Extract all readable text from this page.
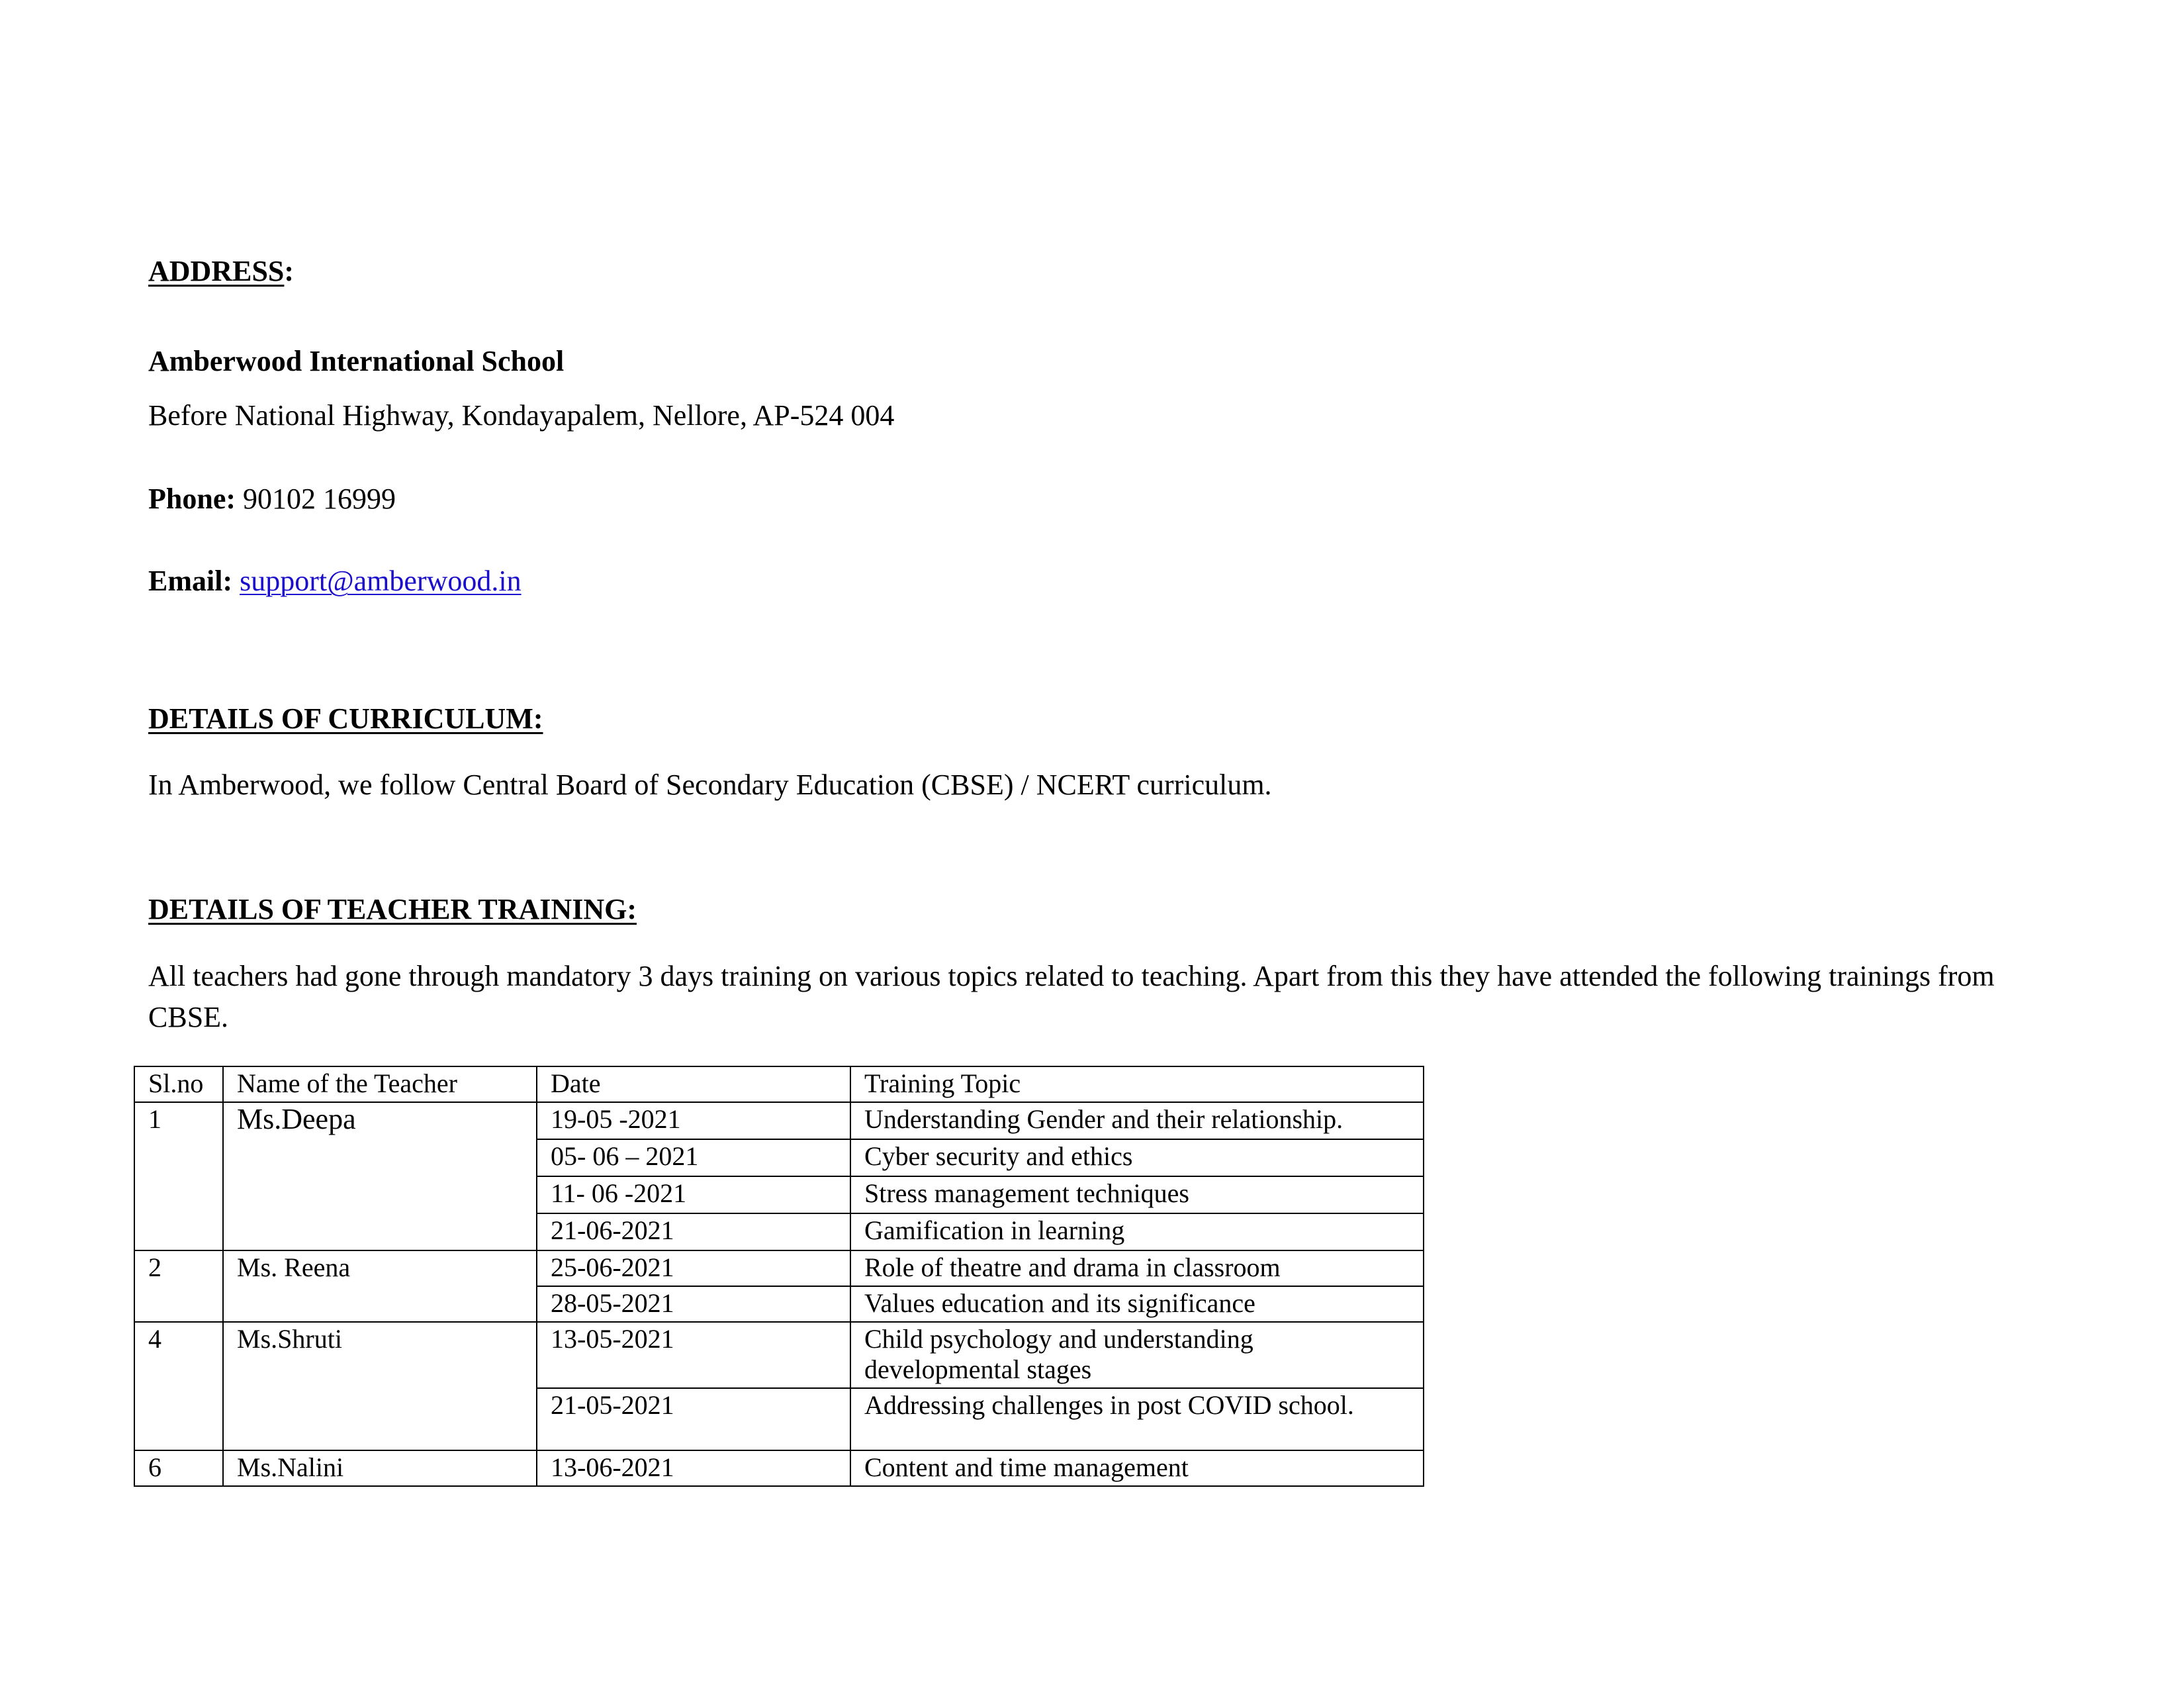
ADDRESS:
Amberwood International School
Before National Highway, Kondayapalem, Nellore, AP-524 004
Phone: 90102 16999
Email: support@amberwood.in
DETAILS OF CURRICULUM:
In Amberwood, we follow Central Board of Secondary Education (CBSE) / NCERT curriculum.
DETAILS OF TEACHER TRAINING:
All teachers had gone through mandatory 3 days training on various topics related to teaching. Apart from this they have attended the following trainings from CBSE.
Sl.no	Name of the Teacher	Date	Training Topic
1	Ms.Deepa	19-05 -2021	Understanding Gender and their relationship.
		05- 06 – 2021	Cyber security and ethics
		11- 06 -2021	Stress management techniques
		21-06-2021	Gamification in learning
2	Ms. Reena	25-06-2021	Role of theatre and drama in classroom
		28-05-2021	Values education and its significance
4	Ms.Shruti	13-05-2021	Child psychology and understanding developmental stages
		21-05-2021	Addressing challenges in post COVID school.
6	Ms.Nalini	13-06-2021	Content and time management
